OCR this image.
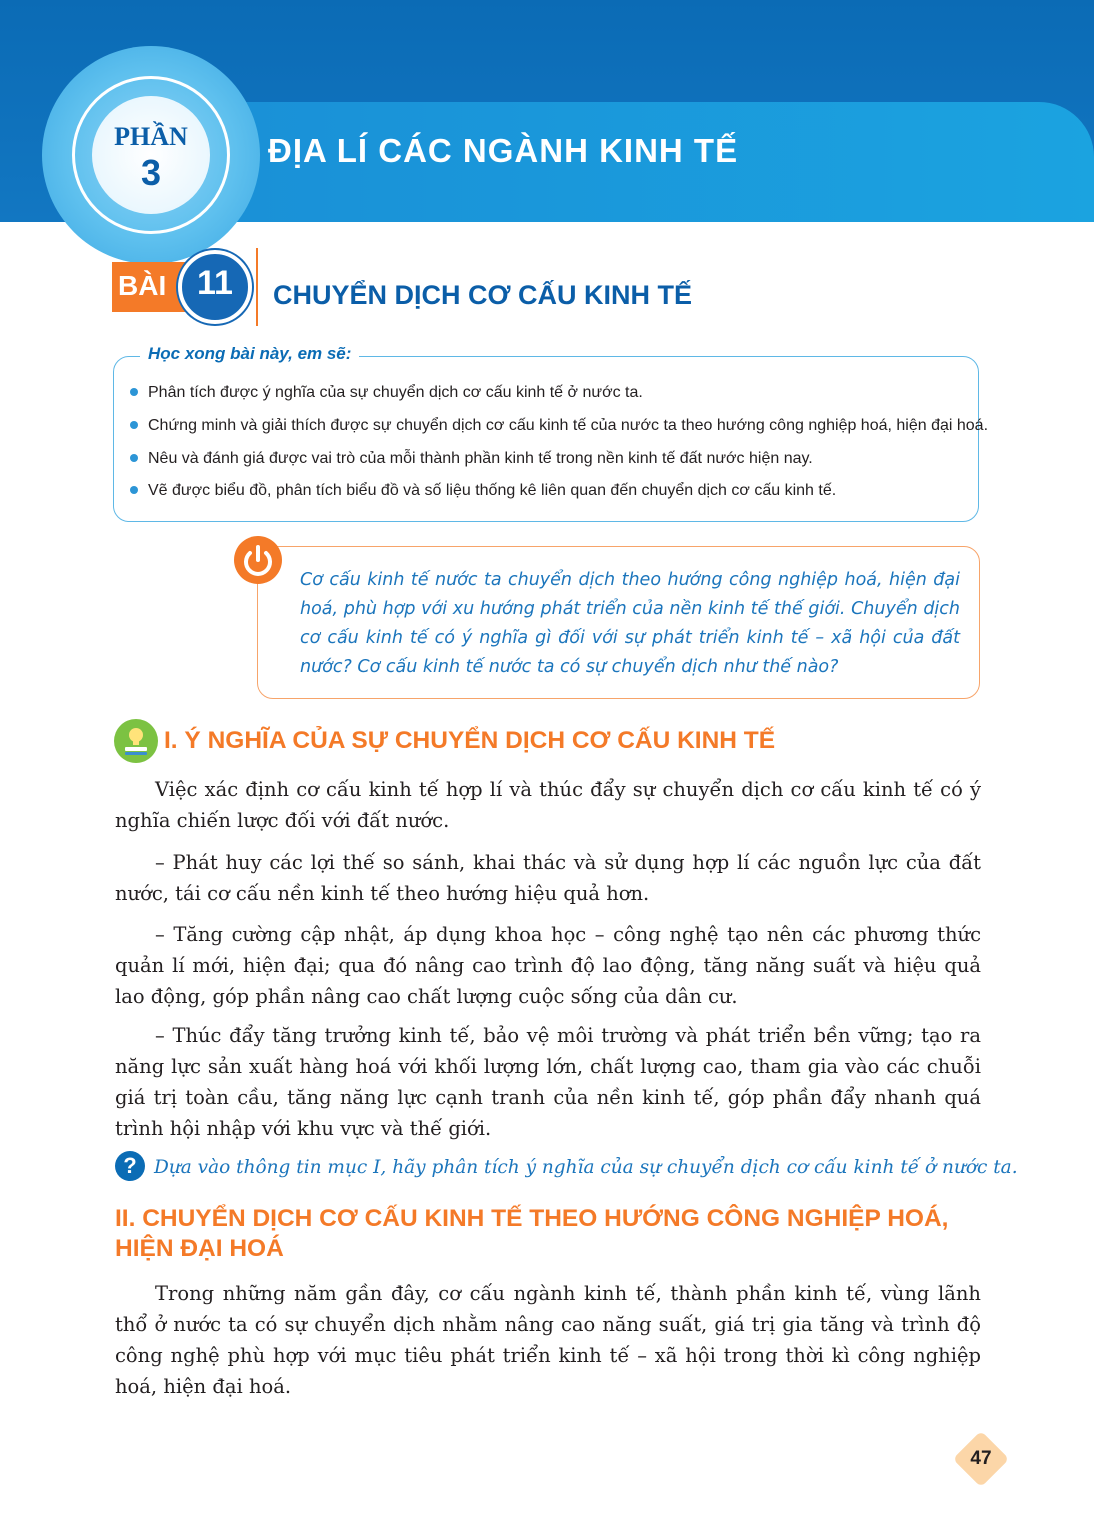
ĐỊA LÍ CÁC NGÀNH KINH TẾ
PHẦN
3
BÀI 11	CHUYỂN DỊCH CƠ CẤU KINH TẾ
Học xong bài này, em sẽ:
Phân tích được ý nghĩa của sự chuyển dịch cơ cấu kinh tế ở nước ta.
Chứng minh và giải thích được sự chuyển dịch cơ cấu kinh tế của nước ta theo hướng công nghiệp hoá, hiện đại hoá.
Nêu và đánh giá được vai trò của mỗi thành phần kinh tế trong nền kinh tế đất nước hiện nay.
Vẽ được biểu đồ, phân tích biểu đồ và số liệu thống kê liên quan đến chuyển dịch cơ cấu kinh tế.
Cơ cấu kinh tế nước ta chuyển dịch theo hướng công nghiệp hoá, hiện đại hoá, phù hợp với xu hướng phát triển của nền kinh tế thế giới. Chuyển dịch cơ cấu kinh tế có ý nghĩa gì đối với sự phát triển kinh tế – xã hội của đất nước? Cơ cấu kinh tế nước ta có sự chuyển dịch như thế nào?
I. Ý NGHĨA CỦA SỰ CHUYỂN DỊCH CƠ CẤU KINH TẾ
Việc xác định cơ cấu kinh tế hợp lí và thúc đẩy sự chuyển dịch cơ cấu kinh tế có ý nghĩa chiến lược đối với đất nước.
– Phát huy các lợi thế so sánh, khai thác và sử dụng hợp lí các nguồn lực của đất nước, tái cơ cấu nền kinh tế theo hướng hiệu quả hơn.
– Tăng cường cập nhật, áp dụng khoa học – công nghệ tạo nên các phương thức quản lí mới, hiện đại; qua đó nâng cao trình độ lao động, tăng năng suất và hiệu quả lao động, góp phần nâng cao chất lượng cuộc sống của dân cư.
– Thúc đẩy tăng trưởng kinh tế, bảo vệ môi trường và phát triển bền vững; tạo ra năng lực sản xuất hàng hoá với khối lượng lớn, chất lượng cao, tham gia vào các chuỗi giá trị toàn cầu, tăng năng lực cạnh tranh của nền kinh tế, góp phần đẩy nhanh quá trình hội nhập với khu vực và thế giới.
? Dựa vào thông tin mục I, hãy phân tích ý nghĩa của sự chuyển dịch cơ cấu kinh tế ở nước ta.
II. CHUYỂN DỊCH CƠ CẤU KINH TẾ THEO HƯỚNG CÔNG NGHIỆP HOÁ, HIỆN ĐẠI HOÁ
Trong những năm gần đây, cơ cấu ngành kinh tế, thành phần kinh tế, vùng lãnh thổ ở nước ta có sự chuyển dịch nhằm nâng cao năng suất, giá trị gia tăng và trình độ công nghệ phù hợp với mục tiêu phát triển kinh tế – xã hội trong thời kì công nghiệp hoá, hiện đại hoá.
47
